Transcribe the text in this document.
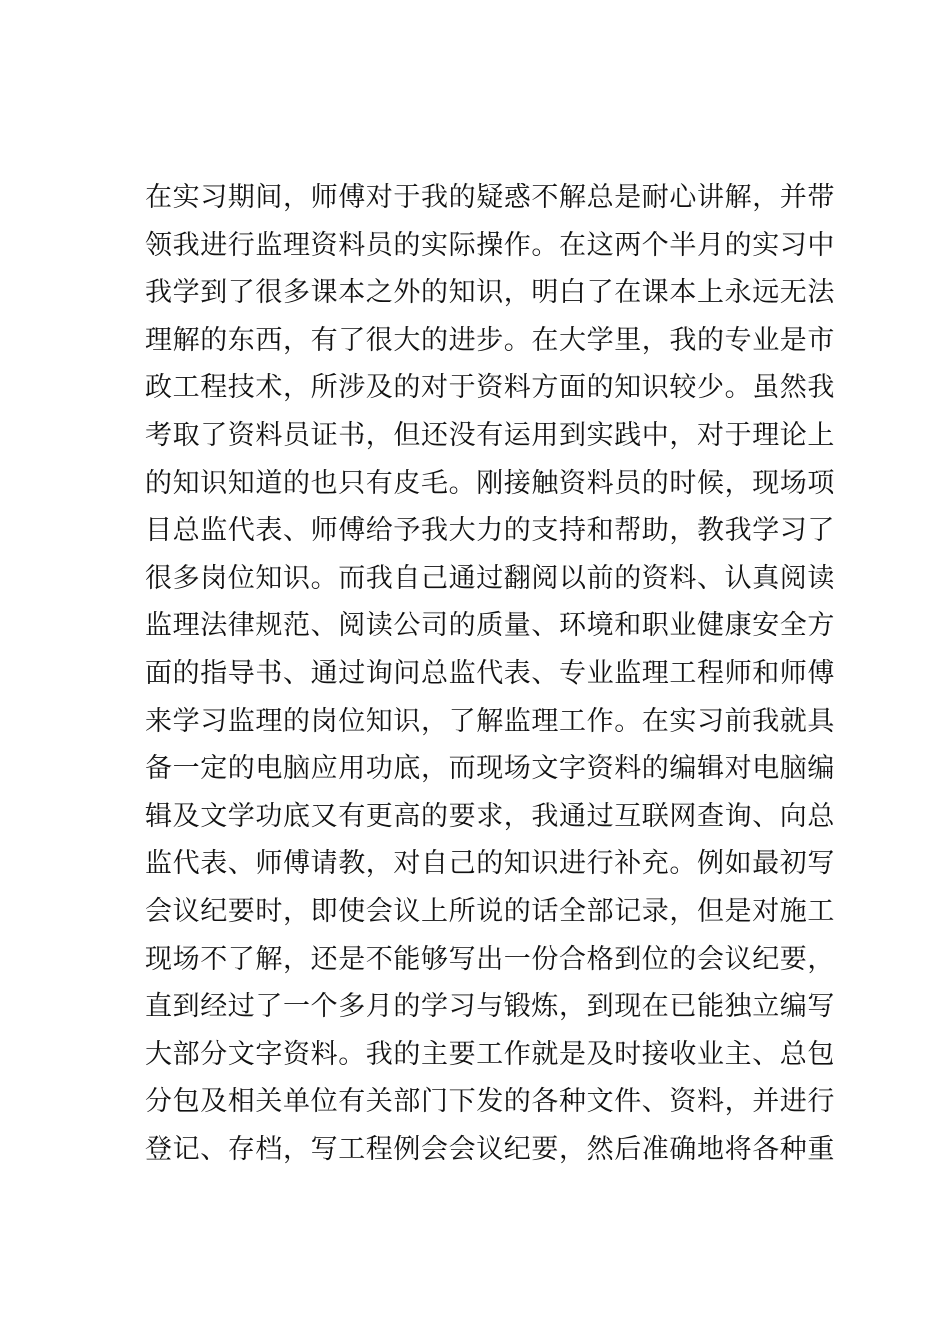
在实习期间，师傅对于我的疑惑不解总是耐心讲解，并带
领我进行监理资料员的实际操作。在这两个半月的实习中
我学到了很多课本之外的知识，明白了在课本上永远无法
理解的东西，有了很大的进步。在大学里，我的专业是市
政工程技术，所涉及的对于资料方面的知识较少。虽然我
考取了资料员证书，但还没有运用到实践中，对于理论上
的知识知道的也只有皮毛。刚接触资料员的时候，现场项
目总监代表、师傅给予我大力的支持和帮助，教我学习了
很多岗位知识。而我自己通过翻阅以前的资料、认真阅读
监理法律规范、阅读公司的质量、环境和职业健康安全方
面的指导书、通过询问总监代表、专业监理工程师和师傅
来学习监理的岗位知识，了解监理工作。在实习前我就具
备一定的电脑应用功底，而现场文字资料的编辑对电脑编
辑及文学功底又有更高的要求，我通过互联网查询、向总
监代表、师傅请教，对自己的知识进行补充。例如最初写
会议纪要时，即使会议上所说的话全部记录，但是对施工
现场不了解，还是不能够写出一份合格到位的会议纪要，
直到经过了一个多月的学习与锻炼，到现在已能独立编写
大部分文字资料。我的主要工作就是及时接收业主、总包
分包及相关单位有关部门下发的各种文件、资料，并进行
登记、存档，写工程例会会议纪要，然后准确地将各种重
